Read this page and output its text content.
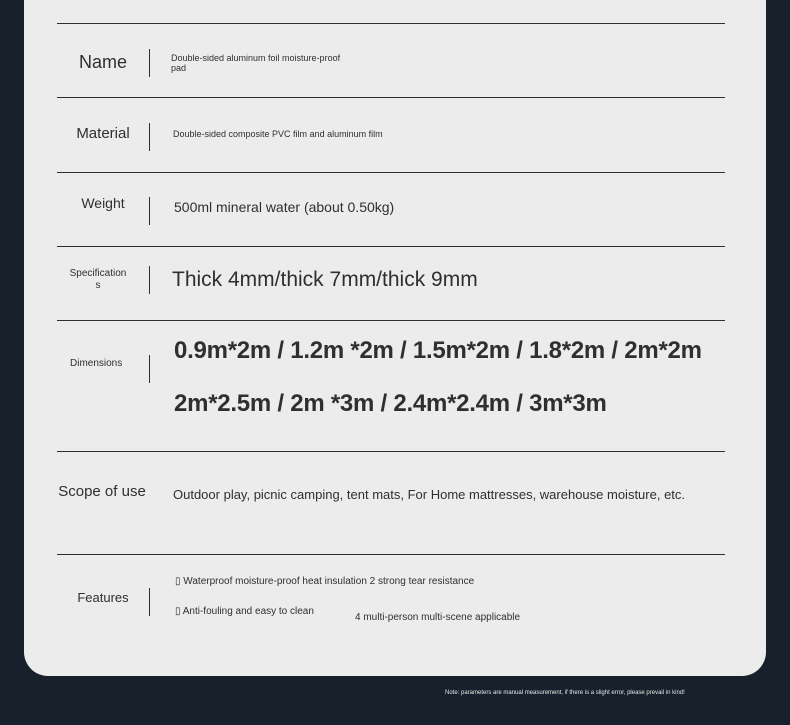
Name	Double-sided aluminum foil moisture-proof pad
Material	Double-sided composite PVC film and aluminum film
Weight	500ml mineral water (about 0.50kg)
Specifications	Thick 4mm/thick 7mm/thick 9mm
Dimensions 0.9m*2m / 1.2m *2m / 1.5m*2m / 1.8*2m / 2m*2m
2m*2.5m / 2m *3m / 2.4m*2.4m / 3m*3m
Scope of use	Outdoor play, picnic camping, tent mats, For Home mattresses, warehouse moisture, etc.
Features
▯ Waterproof moisture-proof heat insulation 2 strong tear resistance
▯ Anti-fouling and easy to clean
4 multi-person multi-scene applicable
Note: parameters are manual measurement, if there is a slight error, please prevail in kind!
